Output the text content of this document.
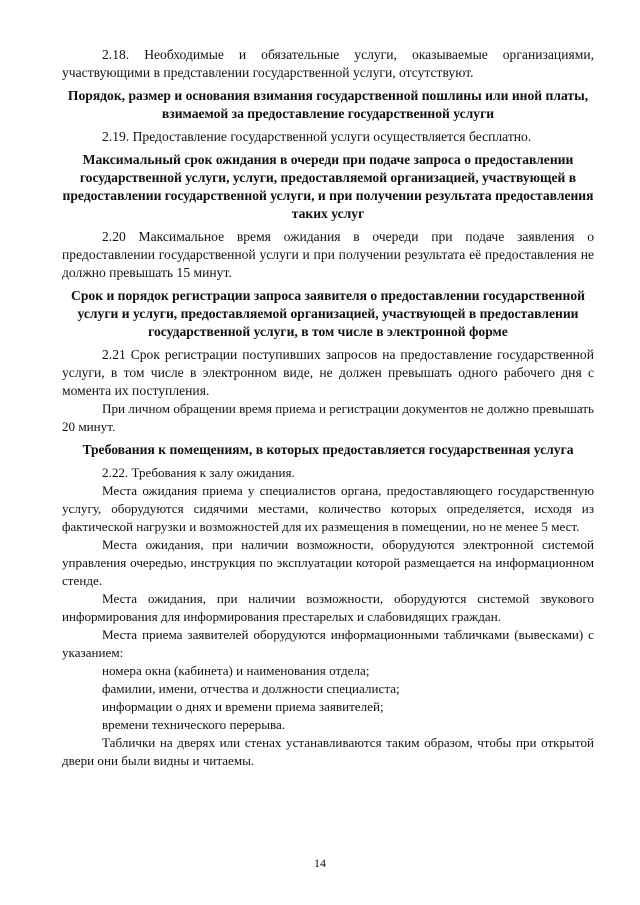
2.18. Необходимые и обязательные услуги, оказываемые организациями, участвующими в представлении государственной услуги, отсутствуют.

Порядок, размер и основания взимания государственной пошлины или иной платы, взимаемой за предоставление государственной услуги

2.19. Предоставление государственной услуги осуществляется бесплатно.

Максимальный срок ожидания в очереди при подаче запроса о предоставлении государственной услуги, услуги, предоставляемой организацией, участвующей в предоставлении государственной услуги, и при получении результата предоставления таких услуг

2.20 Максимальное время ожидания в очереди при подаче заявления о предоставлении государственной услуги и при получении результата её предоставления не должно превышать 15 минут.

Срок и порядок регистрации запроса заявителя о предоставлении государственной услуги и услуги, предоставляемой организацией, участвующей в предоставлении государственной услуги, в том числе в электронной форме

2.21 Срок регистрации поступивших запросов на предоставление государственной услуги, в том числе в электронном виде, не должен превышать одного рабочего дня с момента их поступления.

При личном обращении время приема и регистрации документов не должно превышать 20 минут.

Требования к помещениям, в которых предоставляется государственная услуга

2.22. Требования к залу ожидания.

Места ожидания приема у специалистов органа, предоставляющего государственную услугу, оборудуются сидячими местами, количество которых определяется, исходя из фактической нагрузки и возможностей для их размещения в помещении, но не менее 5 мест.

Места ожидания, при наличии возможности, оборудуются электронной системой управления очередью, инструкция по эксплуатации которой размещается на информационном стенде.

Места ожидания, при наличии возможности, оборудуются системой звукового информирования для информирования престарелых и слабовидящих граждан.

Места приема заявителей оборудуются информационными табличками (вывесками) с указанием:

номера окна (кабинета) и наименования отдела;
фамилии, имени, отчества и должности специалиста;
информации о днях и времени приема заявителей;
времени технического перерыва.

Таблички на дверях или стенах устанавливаются таким образом, чтобы при открытой двери они были видны и читаемы.

14
